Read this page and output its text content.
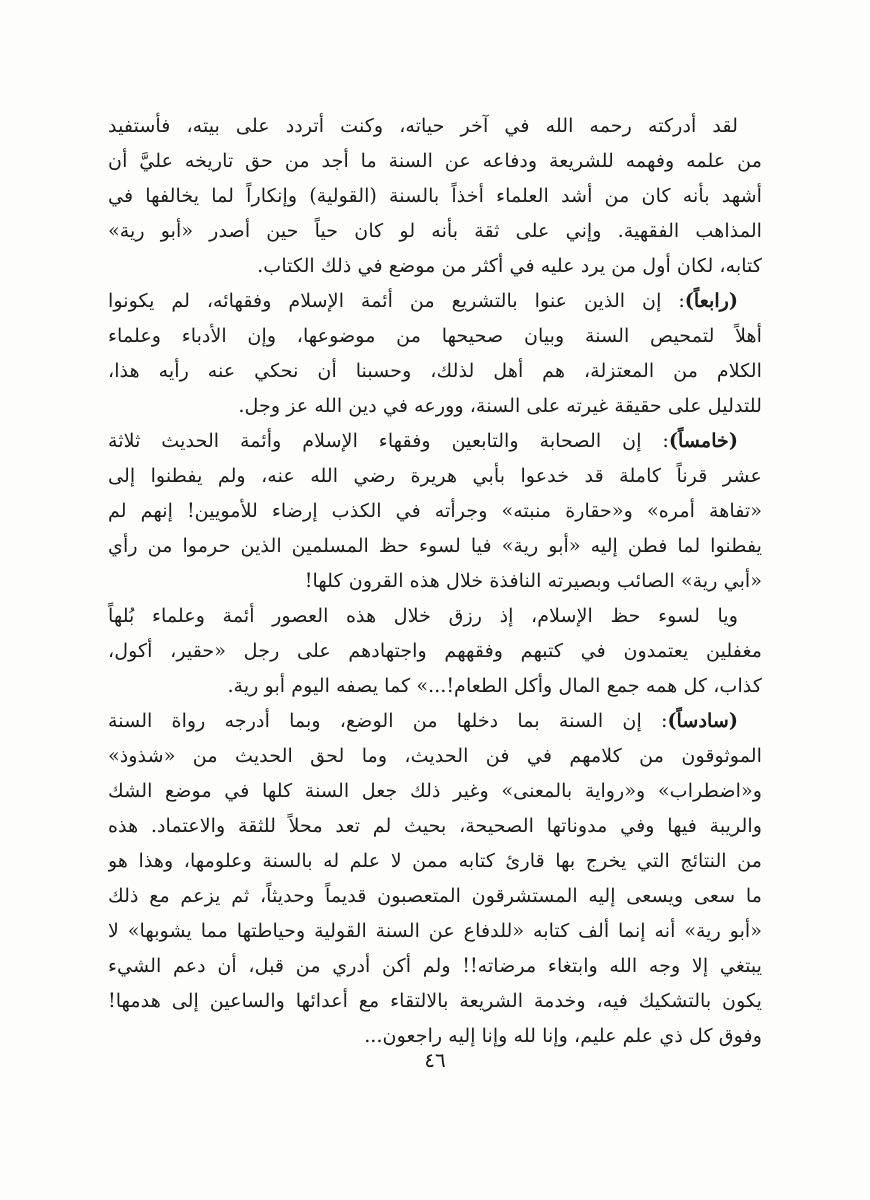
لقد أدركته رحمه الله في آخر حياته، وكنت أتردد على بيته، فأستفيد
من علمه وفهمه للشريعة ودفاعه عن السنة ما أجد من حق تاريخه عليَّ أن
أشهد بأنه كان من أشد العلماء أخذاً بالسنة (القولية) وإنكاراً لما يخالفها في
المذاهب الفقهية. وإني على ثقة بأنه لو كان حياً حين أصدر «أبو رية»
كتابه، لكان أول من يرد عليه في أكثر من موضع في ذلك الكتاب.
(رابعاً): إن الذين عنوا بالتشريع من أئمة الإسلام وفقهائه، لم يكونوا
أهلاً لتمحيص السنة وبيان صحيحها من موضوعها، وإن الأدباء وعلماء
الكلام من المعتزلة، هم أهل لذلك، وحسبنا أن نحكي عنه رأيه هذا،
للتدليل على حقيقة غيرته على السنة، وورعه في دين الله عز وجل.
(خامساً): إن الصحابة والتابعين وفقهاء الإسلام وأئمة الحديث ثلاثة
عشر قرناً كاملة قد خدعوا بأبي هريرة رضي الله عنه، ولم يفطنوا إلى
«تفاهة أمره» و«حقارة منبته» وجرأته في الكذب إرضاء للأمويين! إنهم لم
يفطنوا لما فطن إليه «أبو رية» فيا لسوء حظ المسلمين الذين حرموا من رأي
«أبي رية» الصائب وبصيرته النافذة خلال هذه القرون كلها!
ويا لسوء حظ الإسلام، إذ رزق خلال هذه العصور أئمة وعلماء بُلهاً
مغفلين يعتمدون في كتبهم وفقههم واجتهادهم على رجل «حقير، أكول،
كذاب، كل همه جمع المال وأكل الطعام!...» كما يصفه اليوم أبو رية.
(سادساً): إن السنة بما دخلها من الوضع، وبما أدرجه رواة السنة
الموثوقون من كلامهم في فن الحديث، وما لحق الحديث من «شذوذ»
و«اضطراب» و«رواية بالمعنى» وغير ذلك جعل السنة كلها في موضع الشك
والريبة فيها وفي مدوناتها الصحيحة، بحيث لم تعد محلاً للثقة والاعتماد. هذه
من النتائج التي يخرج بها قارئ كتابه ممن لا علم له بالسنة وعلومها، وهذا هو
ما سعى ويسعى إليه المستشرقون المتعصبون قديماً وحديثاً، ثم يزعم مع ذلك
«أبو رية» أنه إنما ألف كتابه «للدفاع عن السنة القولية وحياطتها مما يشوبها» لا
يبتغي إلا وجه الله وابتغاء مرضاته!! ولم أكن أدري من قبل، أن دعم الشيء
يكون بالتشكيك فيه، وخدمة الشريعة بالالتقاء مع أعدائها والساعين إلى هدمها!
وفوق كل ذي علم عليم، وإنا لله وإنا إليه راجعون...
٤٦
